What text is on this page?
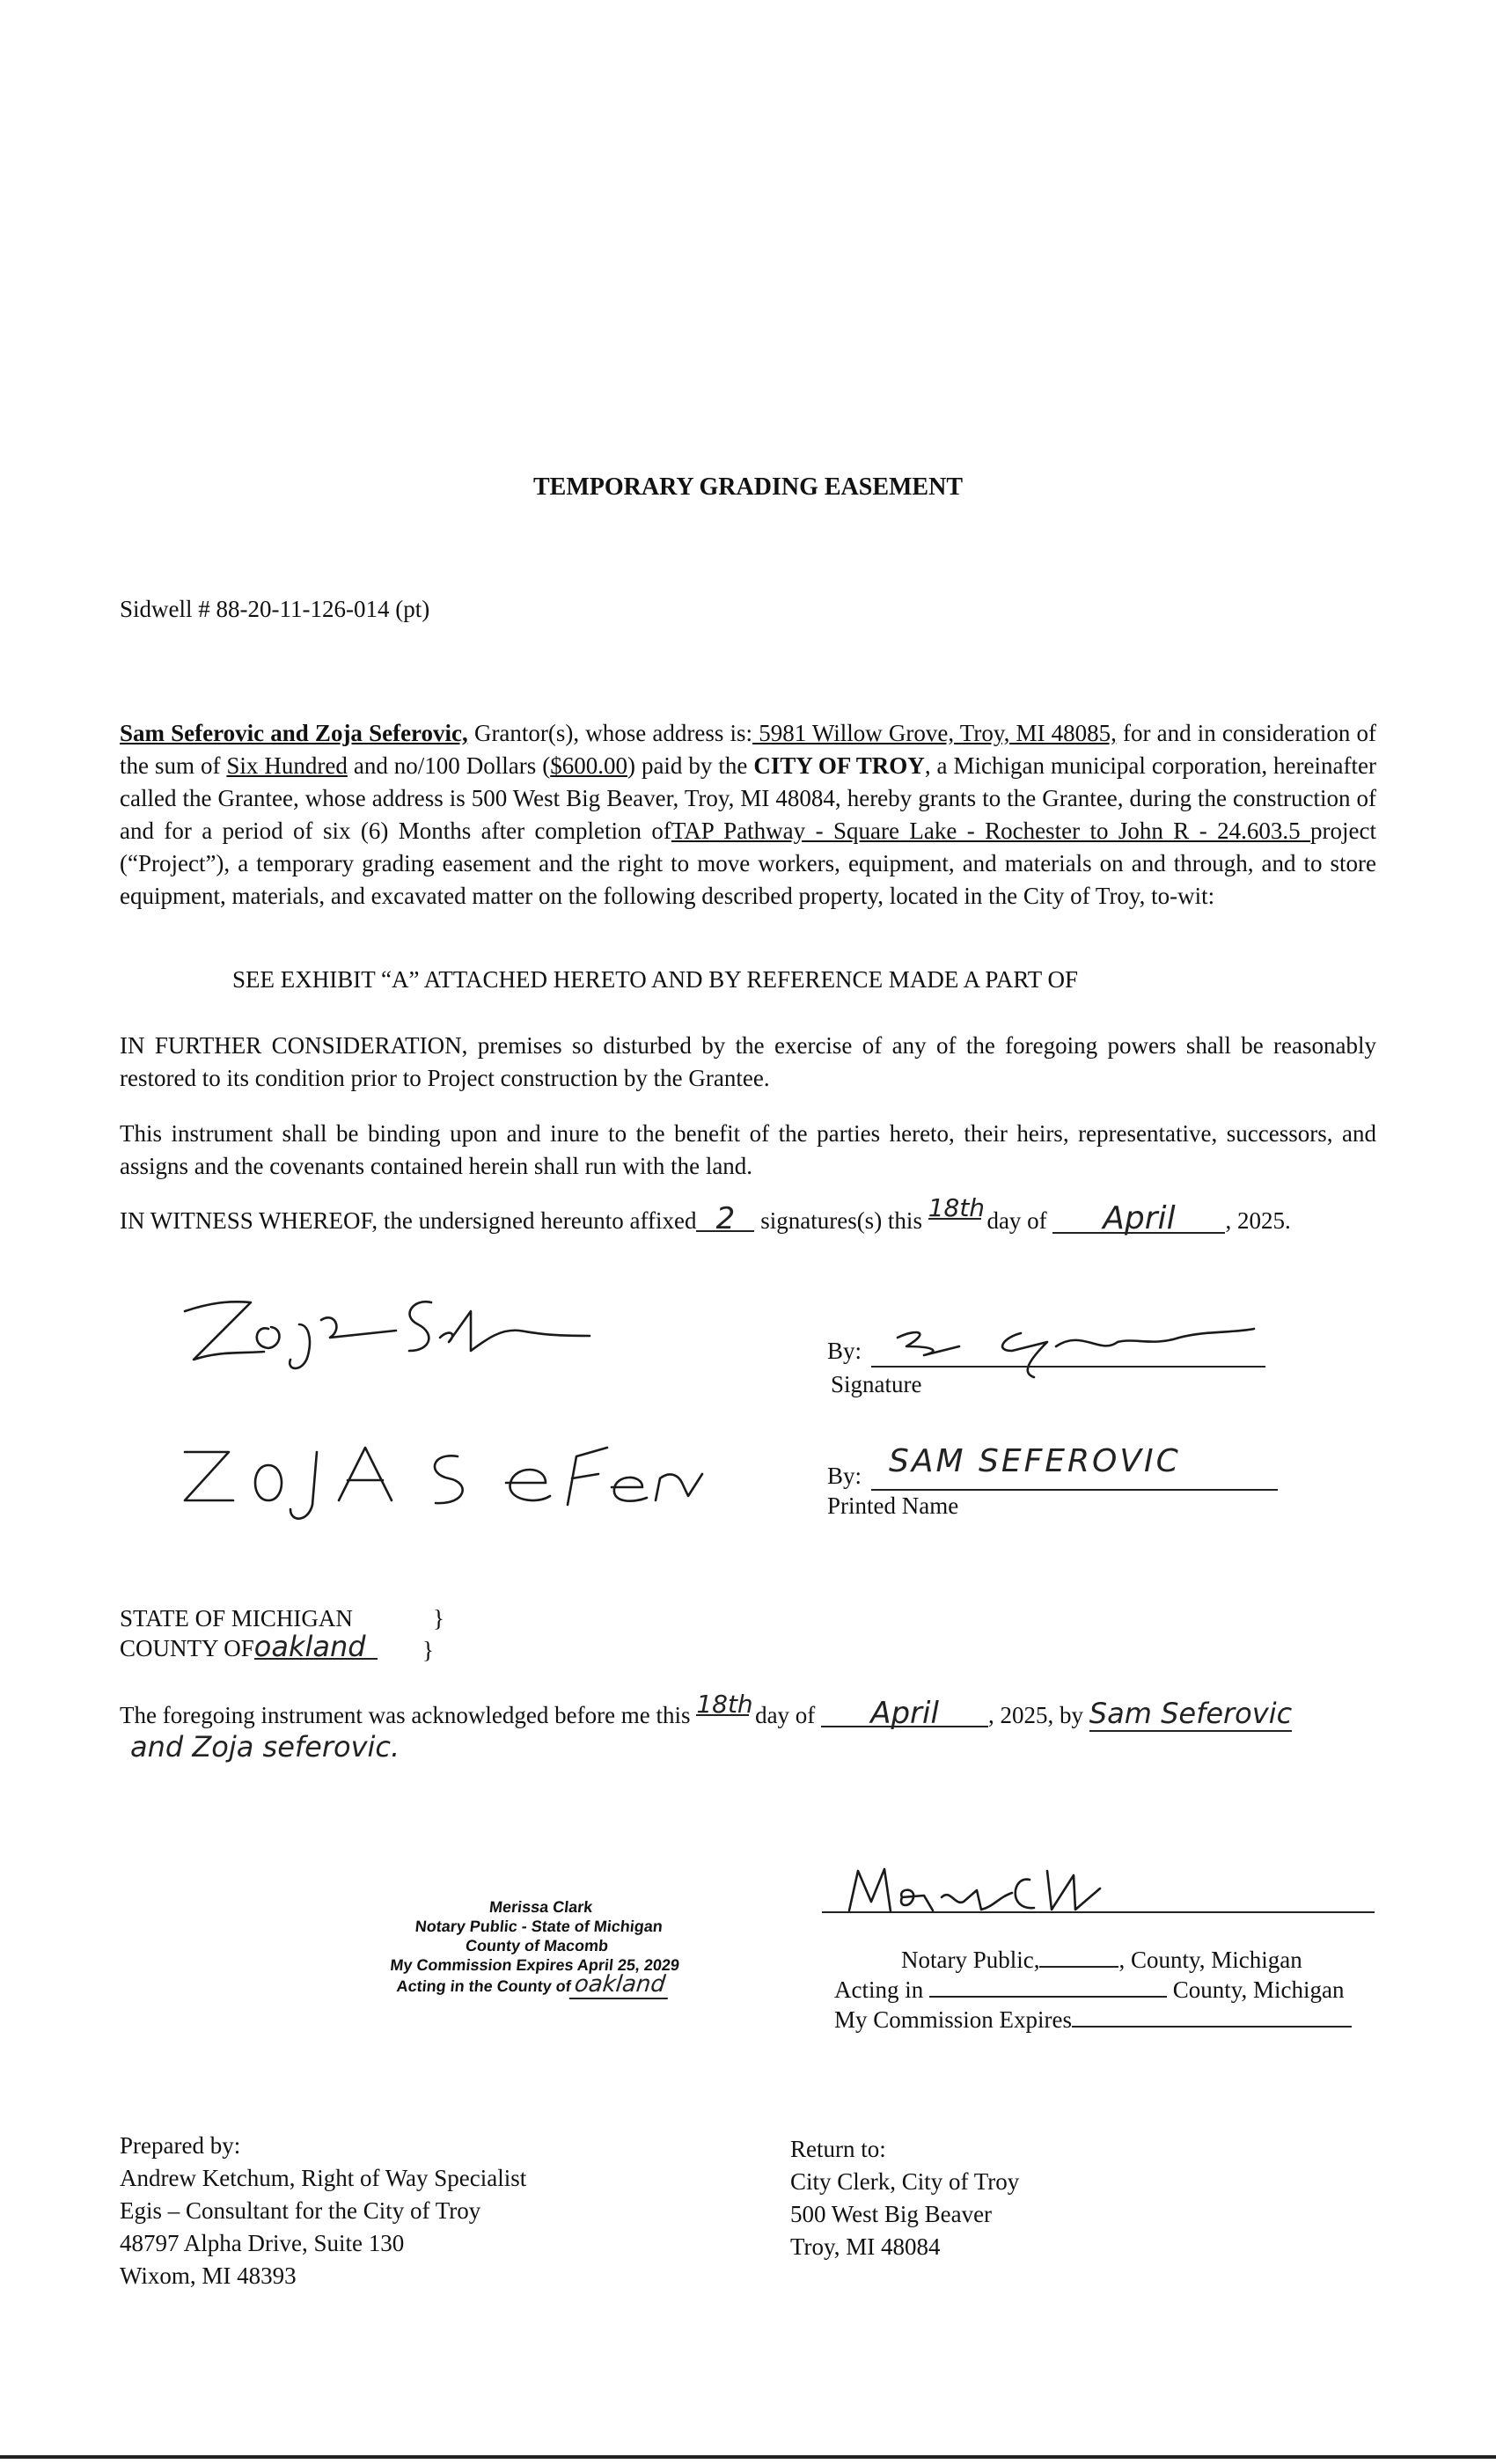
TEMPORARY GRADING EASEMENT
Sidwell # 88-20-11-126-014 (pt)
Sam Seferovic and Zoja Seferovic, Grantor(s), whose address is: 5981 Willow Grove, Troy, MI 48085, for and in consideration of the sum of Six Hundred and no/100 Dollars ($600.00) paid by the CITY OF TROY, a Michigan municipal corporation, hereinafter called the Grantee, whose address is 500 West Big Beaver, Troy, MI 48084, hereby grants to the Grantee, during the construction of and for a period of six (6) Months after completion ofTAP Pathway - Square Lake - Rochester to John R - 24.603.5 project (“Project”), a temporary grading easement and the right to move workers, equipment, and materials on and through, and to store equipment, materials, and excavated matter on the following described property, located in the City of Troy, to-wit:
SEE EXHIBIT “A” ATTACHED HERETO AND BY REFERENCE MADE A PART OF
IN FURTHER CONSIDERATION, premises so disturbed by the exercise of any of the foregoing powers shall be reasonably restored to its condition prior to Project construction by the Grantee.
This instrument shall be binding upon and inure to the benefit of the parties hereto, their heirs, representative, successors, and assigns and the covenants contained herein shall run with the land.
IN WITNESS WHEREOF, the undersigned hereunto affixed 2 signatures(s) this 18th day of April , 2025.
By:
Signature
By: SAM SEFEROVIC
Printed Name
STATE OF MICHIGAN	}
COUNTY OFoakland	}
The foregoing instrument was acknowledged before me this 18th day of April , 2025, by Sam Seferovic
and Zoja seferovic.
Merissa Clark
Notary Public - State of Michigan
County of Macomb
My Commission Expires April 25, 2029
Acting in the County ofoakland
Notary Public,	, County, Michigan
Acting in	County, Michigan
My Commission Expires
Prepared by:
Andrew Ketchum, Right of Way Specialist
Egis – Consultant for the City of Troy
48797 Alpha Drive, Suite 130
Wixom, MI 48393
Return to:
City Clerk, City of Troy
500 West Big Beaver
Troy, MI 48084
